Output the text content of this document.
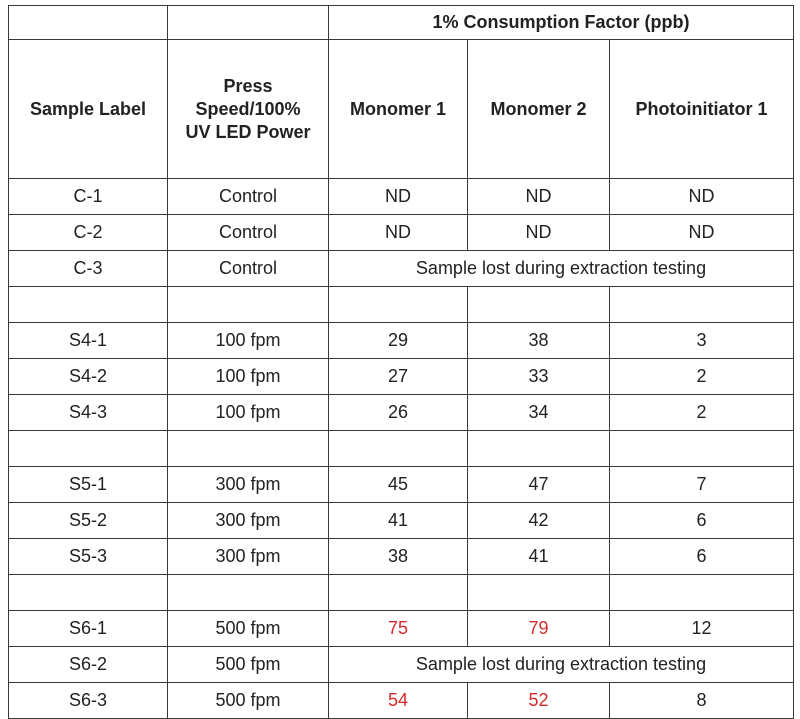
		1% Consumption Factor (ppb)		
Sample Label	Press
Speed/100%
UV LED Power	Monomer 1	Monomer 2	Photoinitiator 1
C-1	Control	ND	ND	ND
C-2	Control	ND	ND	ND
C-3	Control	Sample lost during extraction testing		

S4-1	100 fpm	29	38	3
S4-2	100 fpm	27	33	2
S4-3	100 fpm	26	34	2

S5-1	300 fpm	45	47	7
S5-2	300 fpm	41	42	6
S5-3	300 fpm	38	41	6

S6-1	500 fpm	75	79	12
S6-2	500 fpm	Sample lost during extraction testing		
S6-3	500 fpm	54	52	8
